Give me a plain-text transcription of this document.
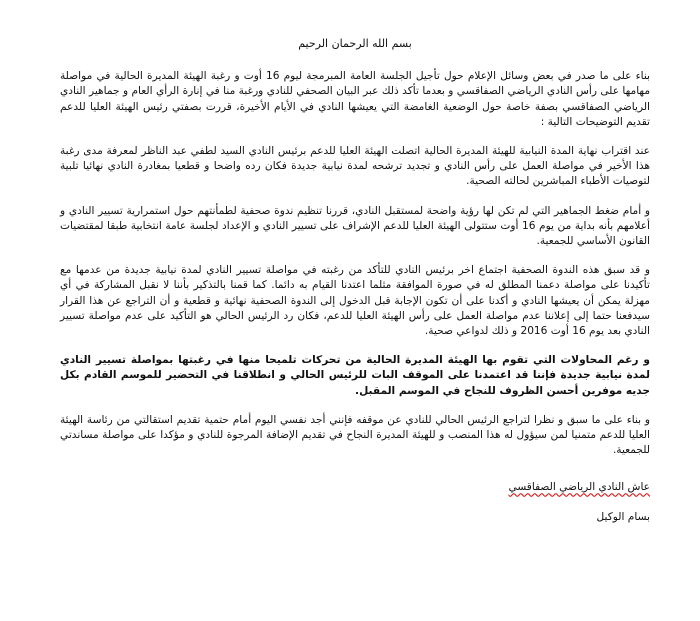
بسم الله الرحمان الرحيم

بناء على ما صدر في بعض وسائل الإعلام حول تأجيل الجلسة العامة المبرمجة ليوم 16 أوت و رغبة الهيئة المديرة الحالية في مواصلة مهامها على رأس النادي الرياضي الصفاقسي و بعدما تأكد ذلك عبر البيان الصحفي للنادي ورغبة منا في إنارة الرأي العام و جماهير النادي الرياضي الصفاقسي بصفة خاصة حول الوضعية الغامضة التي يعيشها النادي في الأيام الأخيرة، قررت بصفتي رئيس الهيئة العليا للدعم تقديم التوضيحات التالية :

عند اقتراب نهاية المدة النيابية للهيئة المديرة الحالية اتصلت الهيئة العليا للدعم برئيس النادي السيد لطفي عبد الناظر لمعرفة مدى رغبة هذا الأخير في مواصلة العمل على رأس النادي و تجديد ترشحه لمدة نيابية جديدة فكان رده واضحا و قطعيا بمغادرة النادي نهائيا تلبية لتوصيات الأطباء المباشرين لحالته الصحية.

و أمام ضغط الجماهير التي لم تكن لها رؤية واضحة لمستقبل النادي، قررنا تنظيم ندوة صحفية لطمأنتهم حول استمرارية تسيير النادي و أعلامهم بأنه بداية من يوم 16 أوت ستتولى الهيئة العليا للدعم الإشراف على تسيير النادي و الإعداد لجلسة عامة انتخابية طبقا لمقتضيات القانون الأساسي للجمعية.

و قد سبق هذه الندوة الصحفية اجتماع اخر برئيس النادي للتأكد من رغبته في مواصلة تسيير النادي لمدة نيابية جديدة من عدمها مع تأكيدنا على مواصلة دعمنا المطلق له في صورة الموافقة مثلما اعتدنا القيام به دائما. كما قمنا بالتذكير بأننا لا نقبل المشاركة في أي مهزلة يمكن أن يعيشها النادي و أكدنا على أن تكون الإجابة قبل الدخول إلى الندوة الصحفية نهائية و قطعية و أن التراجع عن هذا القرار سيدفعنا حتما إلى إعلاننا عدم مواصلة العمل على رأس الهيئة العليا للدعم، فكان رد الرئيس الحالي هو التأكيد على عدم مواصلة تسيير النادي بعد يوم 16 أوت 2016 و ذلك لدواعي صحية.

و رغم المحاولات التي تقوم بها الهيئة المديرة الحالية من تحركات تلميحا منها في رغبتها بمواصلة تسيير النادي لمدة نيابية جديدة فإننا قد اعتمدنا على الموقف البات للرئيس الحالي و انطلاقنا في التحضير للموسم القادم بكل جديه موفرين أحسن الظروف للنجاح في الموسم المقبل.

و بناء على ما سبق و نظرا لتراجع الرئيس الحالي للنادي عن موقفه فإنني أجد نفسي اليوم أمام حتمية تقديم استقالتي من رئاسة الهيئة العليا للدعم متمنيا لمن سيؤول له هذا المنصب و للهيئة المديرة النجاح في تقديم الإضافة المرجوة للنادي و مؤكدا على مواصلة مساندتي للجمعية.

عاش النادي الرياضي الصفاقسي
بسام الوكيل
